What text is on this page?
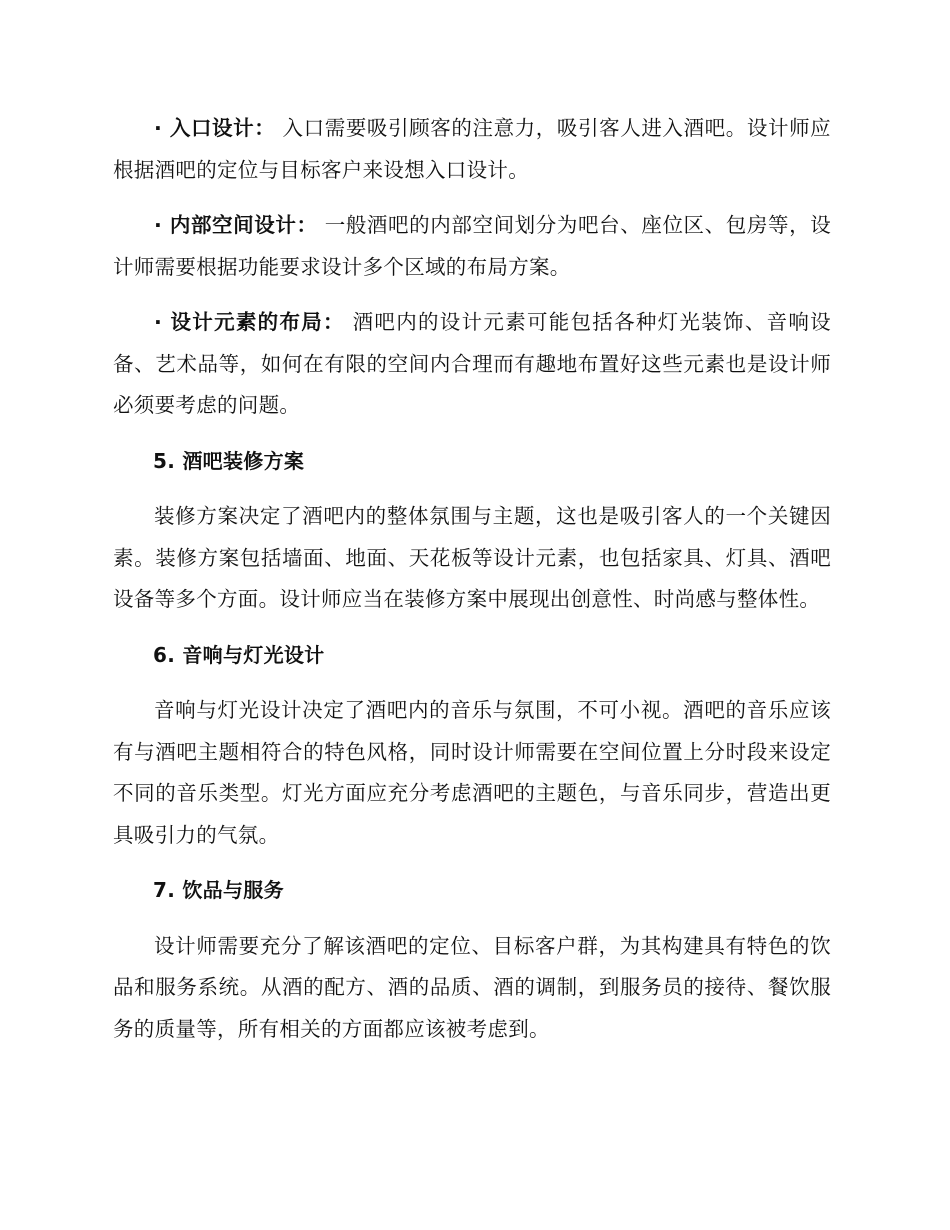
· 入口设计： 入口需要吸引顾客的注意力，吸引客人进入酒吧。设计师应根据酒吧的定位与目标客户来设想入口设计。

· 内部空间设计： 一般酒吧的内部空间划分为吧台、座位区、包房等，设计师需要根据功能要求设计多个区域的布局方案。

· 设计元素的布局： 酒吧内的设计元素可能包括各种灯光装饰、音响设备、艺术品等，如何在有限的空间内合理而有趣地布置好这些元素也是设计师必须要考虑的问题。

5. 酒吧装修方案

装修方案决定了酒吧内的整体氛围与主题，这也是吸引客人的一个关键因素。装修方案包括墙面、地面、天花板等设计元素，也包括家具、灯具、酒吧设备等多个方面。设计师应当在装修方案中展现出创意性、时尚感与整体性。

6. 音响与灯光设计

音响与灯光设计决定了酒吧内的音乐与氛围，不可小视。酒吧的音乐应该有与酒吧主题相符合的特色风格，同时设计师需要在空间位置上分时段来设定不同的音乐类型。灯光方面应充分考虑酒吧的主题色，与音乐同步，营造出更具吸引力的气氛。

7. 饮品与服务

设计师需要充分了解该酒吧的定位、目标客户群，为其构建具有特色的饮品和服务系统。从酒的配方、酒的品质、酒的调制，到服务员的接待、餐饮服务的质量等，所有相关的方面都应该被考虑到。
